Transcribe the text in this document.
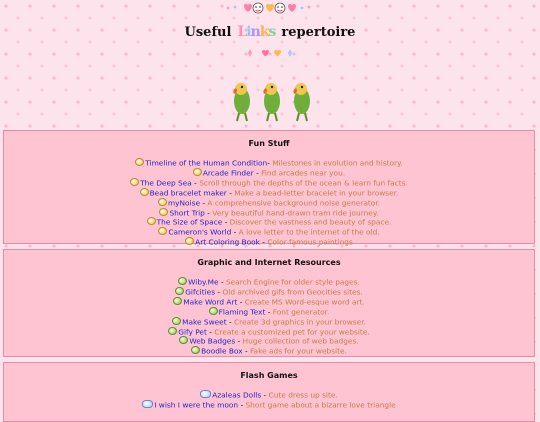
Useful Links repertoire
Fun Stuff
Timeline of the Human Condition- Milestones in evolution and history.
Arcade Finder - Find arcades near you.
The Deep Sea - Scroll through the depths of the ocean & learn fun facts.
Bead bracelet maker - Make a bead-letter bracelet in your browser.
myNoise - A comprehensive background noise generator.
Short Trip - Very beautiful hand-drawn tram ride journey.
The Size of Space - Discover the vastness and beauty of space.
Cameron's World - A love letter to the internet of the old.
Art Coloring Book - Color famous paintings
Graphic and Internet Resources
Wiby.Me - Search Engine for older style pages.
Gifcities - Old archived gifs from Geocities sites.
Make Word Art - Create MS Word-esque word art.
Flaming Text - Font generator.
Make Sweet - Create 3d graphics in your browser.
Gify Pet - Create a customized pet for your website.
Web Badges - Huge collection of web badges.
Boodle Box - Fake ads for your website.
Flash Games
Azaleas Dolls - Cute dress up site.
I wish I were the moon - Short game about a bizarre love triangle
